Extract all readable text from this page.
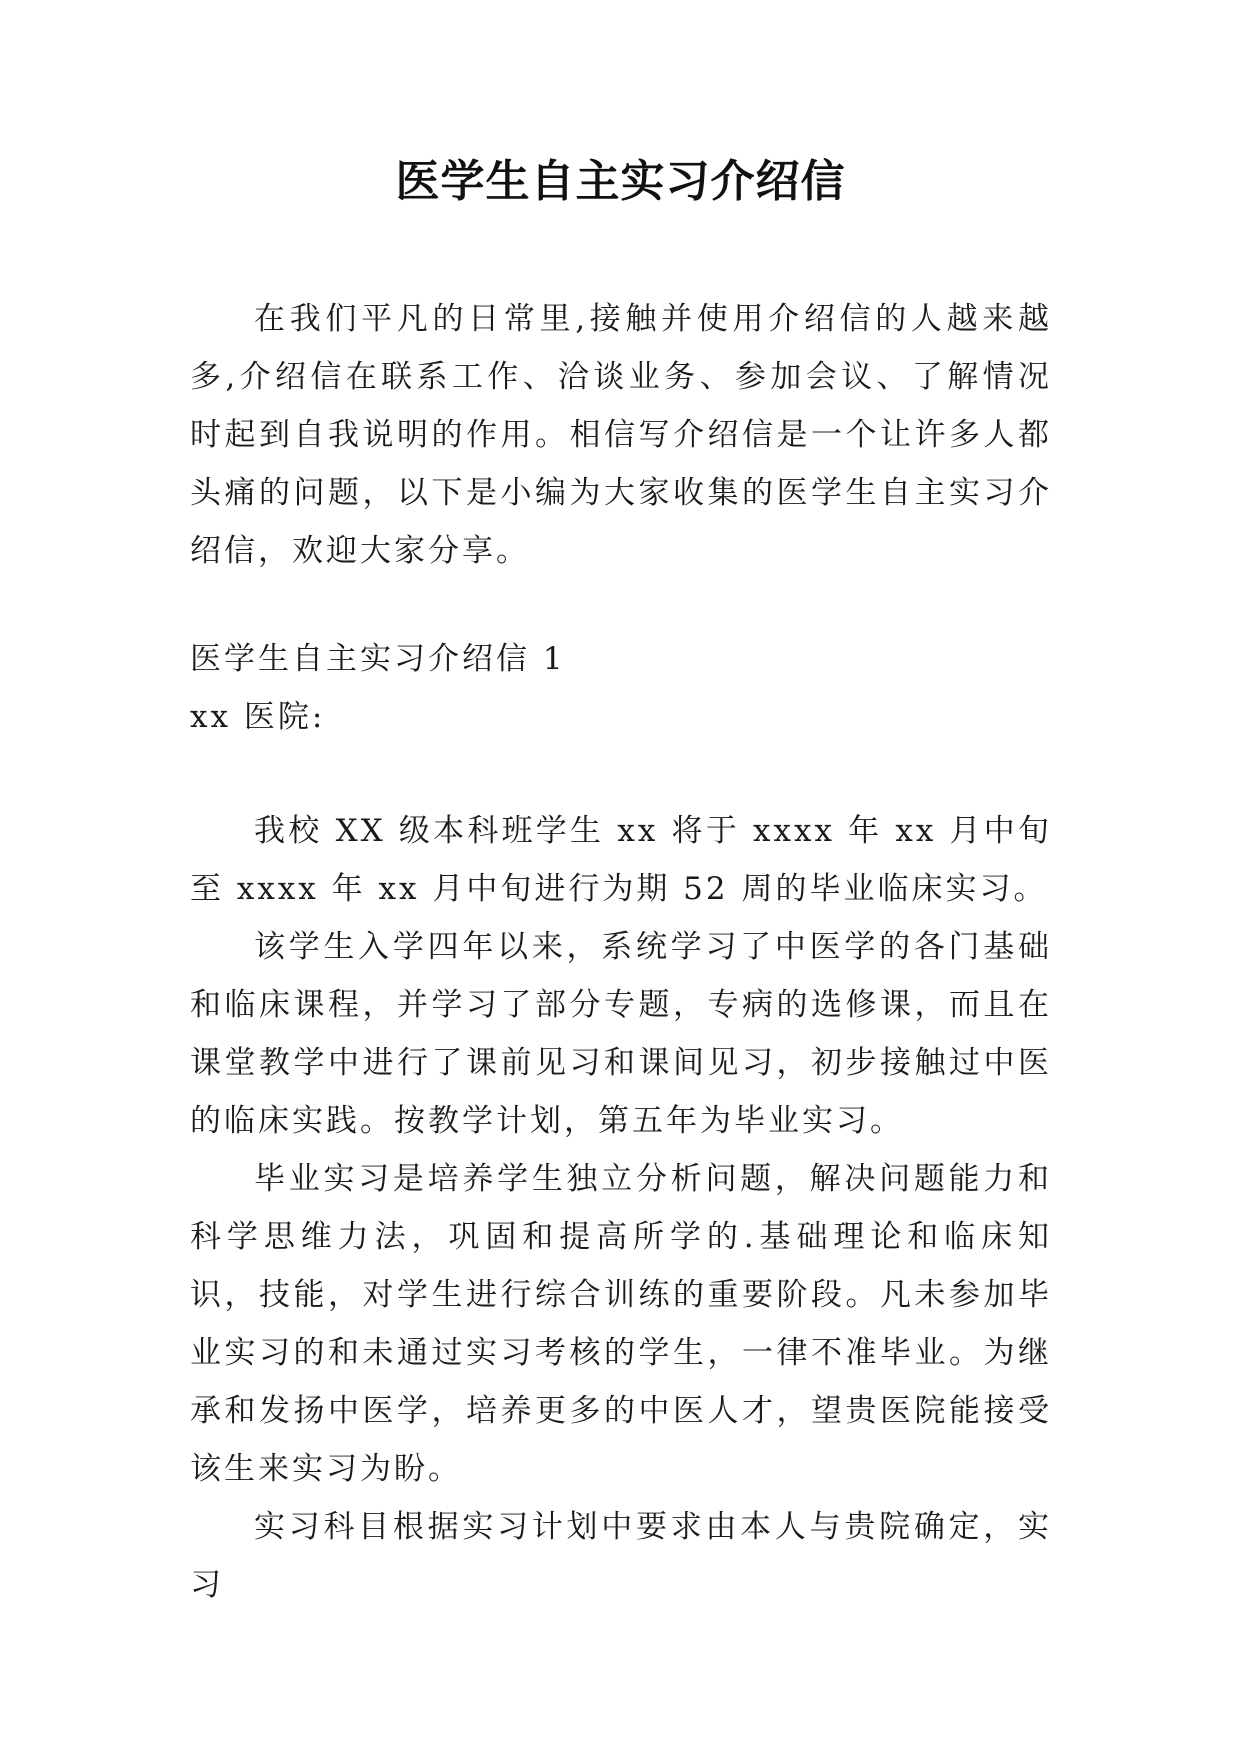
医学生自主实习介绍信

在我们平凡的日常里,接触并使用介绍信的人越来越多,介绍信在联系工作、洽谈业务、参加会议、了解情况时起到自我说明的作用。相信写介绍信是一个让许多人都头痛的问题，以下是小编为大家收集的医学生自主实习介绍信，欢迎大家分享。

医学生自主实习介绍信 1

xx 医院:

我校 XX 级本科班学生 xx 将于 xxxx 年 xx 月中旬至 xxxx 年 xx 月中旬进行为期 52 周的毕业临床实习。

该学生入学四年以来，系统学习了中医学的各门基础和临床课程，并学习了部分专题，专病的选修课，而且在课堂教学中进行了课前见习和课间见习，初步接触过中医的临床实践。按教学计划，第五年为毕业实习。

毕业实习是培养学生独立分析问题，解决问题能力和科学思维力法，巩固和提高所学的.基础理论和临床知识，技能，对学生进行综合训练的重要阶段。凡未参加毕业实习的和未通过实习考核的学生，一律不准毕业。为继承和发扬中医学，培养更多的中医人才，望贵医院能接受该生来实习为盼。

实习科目根据实习计划中要求由本人与贵院确定，实习
